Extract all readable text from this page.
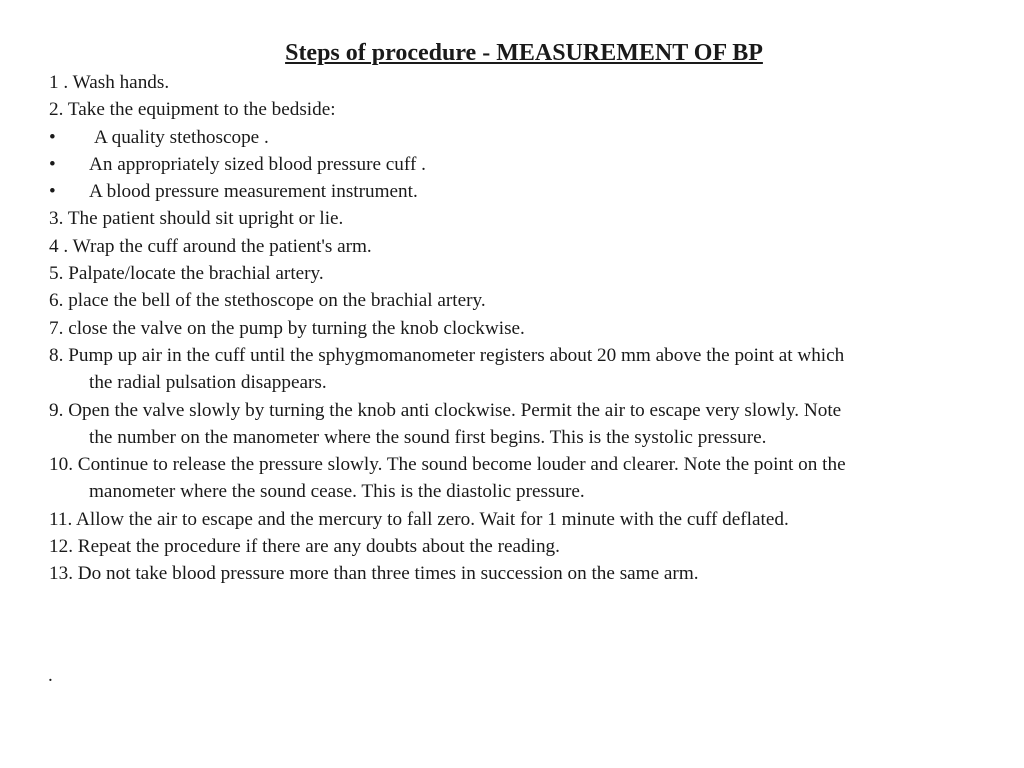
Steps of procedure - MEASUREMENT OF BP
1 . Wash hands.
2. Take the equipment to the bedside:
• A quality stethoscope .
• An appropriately sized blood pressure cuff .
• A blood pressure measurement instrument.
3. The patient should sit upright or lie.
4 . Wrap the cuff around the patient's arm.
5. Palpate/locate the brachial artery.
6. place the bell of the stethoscope on the brachial artery.
7. close the valve on the pump by turning the knob clockwise.
8. Pump up air in the cuff until the sphygmomanometer registers about 20 mm above the point at which
the radial pulsation disappears.
9. Open the valve slowly by turning the knob anti clockwise. Permit the air to escape very slowly. Note
the number on the manometer where the sound first begins. This is the systolic pressure.
10. Continue to release the pressure slowly. The sound become louder and clearer. Note the point on the
manometer where the sound cease. This is the diastolic pressure.
11. Allow the air to escape and the mercury to fall zero. Wait for 1 minute with the cuff deflated.
12. Repeat the procedure if there are any doubts about the reading.
13. Do not take blood pressure more than three times in succession on the same arm.
.
